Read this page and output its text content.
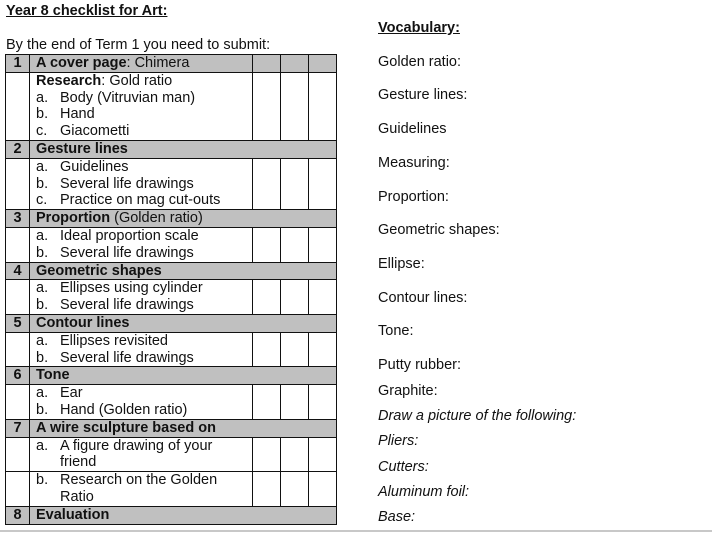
Year 8 checklist for Art:
By the end of Term 1 you need to submit:
1	A cover page: Chimera			

Research: Gold ratio
a. Body (Vitruvian man)
b. Hand
c. Giacometti

2	Gesture lines			

a. Guidelines
b. Several life drawings
c. Practice on mag cut-outs

3	Proportion (Golden ratio)			

	a. Ideal proportion scale
b. Several life drawings			

4	Geometric shapes			

	a. Ellipses using cylinder
b. Several life drawings			

5	Contour lines			

	a. Ellipses revisited
b. Several life drawings			

6	Tone			

	a. Ear
b. Hand (Golden ratio)			

7	A wire sculpture based on			

	a. A figure drawing of your friend			

	b. Research on the Golden Ratio			

8	Evaluation			
Vocabulary:
Golden ratio:
Gesture lines:
Guidelines
Measuring:
Proportion:
Geometric shapes:
Ellipse:
Contour lines:
Tone:
Putty rubber:
Graphite:
Draw a picture of the following:
Pliers:
Cutters:
Aluminum foil:
Base:
